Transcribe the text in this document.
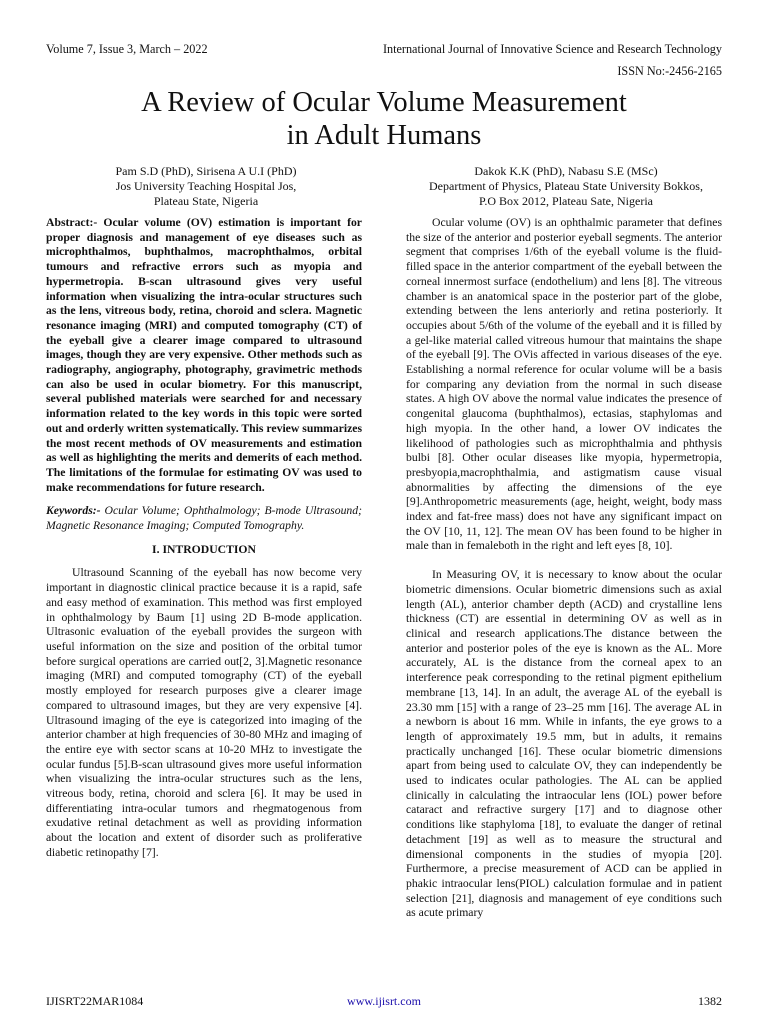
Volume 7, Issue 3, March – 2022	International Journal of Innovative Science and Research Technology
ISSN No:-2456-2165
A Review of Ocular Volume Measurement
in Adult Humans
Pam S.D (PhD), Sirisena A U.I (PhD)
Jos University Teaching Hospital Jos,
Plateau State, Nigeria
Dakok K.K (PhD), Nabasu S.E (MSc)
Department of Physics, Plateau State University Bokkos,
P.O Box 2012, Plateau Sate, Nigeria

Abstract:- Ocular volume (OV) estimation is important for proper diagnosis and management of eye diseases such as microphthalmos, buphthalmos, macrophthalmos, orbital tumours and refractive errors such as myopia and hypermetropia. B-scan ultrasound gives very useful information when visualizing the intra-ocular structures such as the lens, vitreous body, retina, choroid and sclera. Magnetic resonance imaging (MRI) and computed tomography (CT) of the eyeball give a clearer image compared to ultrasound images, though they are very expensive. Other methods such as radiography, angiography, photography, gravimetric methods can also be used in ocular biometry. For this manuscript, several published materials were searched for and necessary information related to the key words in this topic were sorted out and orderly written systematically. This review summarizes the most recent methods of OV measurements and estimation as well as highlighting the merits and demerits of each method. The limitations of the formulae for estimating OV was used to make recommendations for future research.

Keywords:- Ocular Volume; Ophthalmology; B-mode Ultrasound; Magnetic Resonance Imaging; Computed Tomography.

I. INTRODUCTION

Ultrasound Scanning of the eyeball has now become very important in diagnostic clinical practice because it is a rapid, safe and easy method of examination. This method was first employed in ophthalmology by Baum [1] using 2D B-mode application. Ultrasonic evaluation of the eyeball provides the surgeon with useful information on the size and position of the orbital tumor before surgical operations are carried out[2, 3].Magnetic resonance imaging (MRI) and computed tomography (CT) of the eyeball mostly employed for research purposes give a clearer image compared to ultrasound images, but they are very expensive [4]. Ultrasound imaging of the eye is categorized into imaging of the anterior chamber at high frequencies of 30-80 MHz and imaging of the entire eye with sector scans at 10-20 MHz to investigate the ocular fundus [5].B-scan ultrasound gives more useful information when visualizing the intra-ocular structures such as the lens, vitreous body, retina, choroid and sclera [6]. It may be used in differentiating intra-ocular tumors and rhegmatogenous from exudative retinal detachment as well as providing information about the location and extent of disorder such as proliferative diabetic retinopathy [7].

Ocular volume (OV) is an ophthalmic parameter that defines the size of the anterior and posterior eyeball segments. The anterior segment that comprises 1/6th of the eyeball volume is the fluid-filled space in the anterior compartment of the eyeball between the corneal innermost surface (endothelium) and lens [8]. The vitreous chamber is an anatomical space in the posterior part of the globe, extending between the lens anteriorly and retina posteriorly. It occupies about 5/6th of the volume of the eyeball and it is filled by a gel-like material called vitreous humour that maintains the shape of the eyeball [9]. The OVis affected in various diseases of the eye. Establishing a normal reference for ocular volume will be a basis for comparing any deviation from the normal in such disease states. A high OV above the normal value indicates the presence of congenital glaucoma (buphthalmos), ectasias, staphylomas and high myopia. In the other hand, a lower OV indicates the likelihood of pathologies such as microphthalmia and phthysis bulbi [8]. Other ocular diseases like myopia, hypermetropia, presbyopia,macrophthalmia, and astigmatism cause visual abnormalities by affecting the dimensions of the eye [9].Anthropometric measurements (age, height, weight, body mass index and fat-free mass) does not have any significant impact on the OV [10, 11, 12]. The mean OV has been found to be higher in male than in femaleboth in the right and left eyes [8, 10].

In Measuring OV, it is necessary to know about the ocular biometric dimensions. Ocular biometric dimensions such as axial length (AL), anterior chamber depth (ACD) and crystalline lens thickness (CT) are essential in determining OV as well as in clinical and research applications.The distance between the anterior and posterior poles of the eye is known as the AL. More accurately, AL is the distance from the corneal apex to an interference peak corresponding to the retinal pigment epithelium membrane [13, 14]. In an adult, the average AL of the eyeball is 23.30 mm [15] with a range of 23–25 mm [16]. The average AL in a newborn is about 16 mm. While in infants, the eye grows to a length of approximately 19.5 mm, but in adults, it remains practically unchanged [16]. These ocular biometric dimensions apart from being used to calculate OV, they can independently be used to indicates ocular pathologies. The AL can be applied clinically in calculating the intraocular lens (IOL) power before cataract and refractive surgery [17] and to diagnose other conditions like staphyloma [18], to evaluate the danger of retinal detachment [19] as well as to measure the structural and dimensional components in the studies of myopia [20]. Furthermore, a precise measurement of ACD can be applied in phakic intraocular lens(PIOL) calculation formulae and in patient selection [21], diagnosis and management of eye conditions such as acute primary

IJISRT22MAR1084	www.ijisrt.com	1382
